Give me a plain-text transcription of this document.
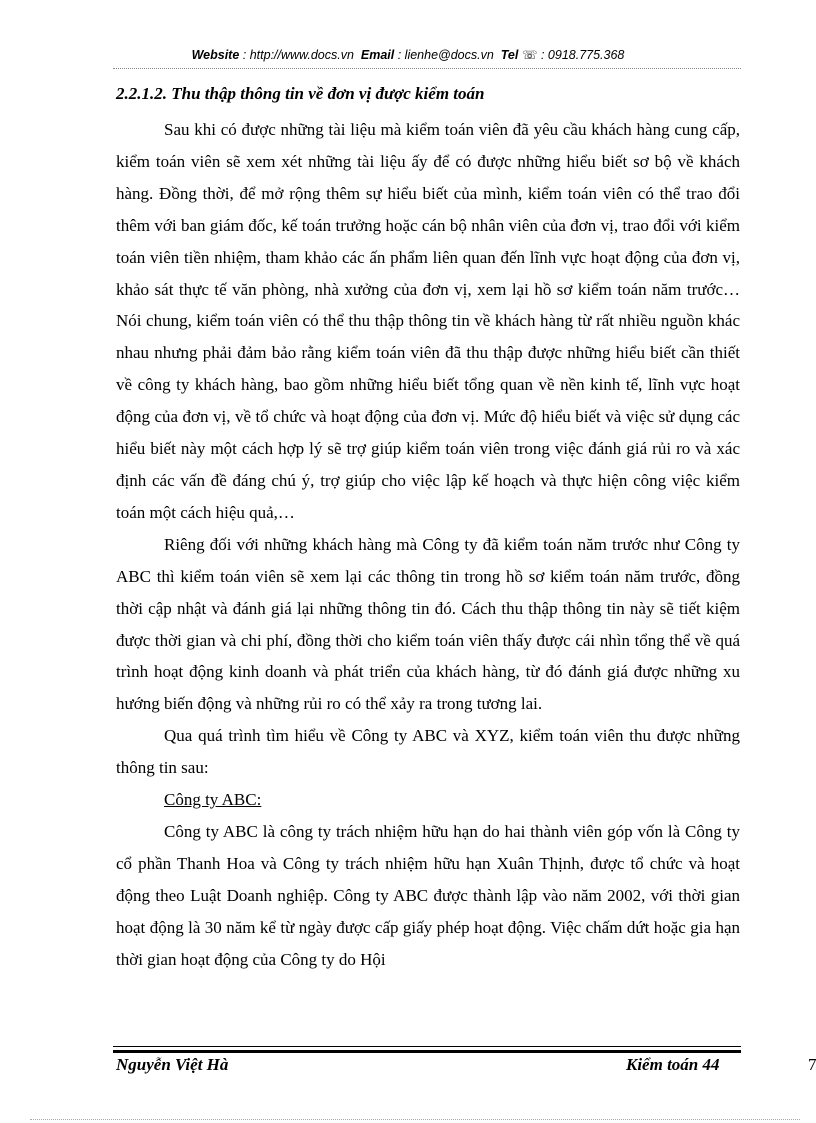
Website : http://www.docs.vn Email : lienhe@docs.vn Tel ☏ : 0918.775.368
2.2.1.2. Thu thập thông tin về đơn vị được kiểm toán

Sau khi có được những tài liệu mà kiểm toán viên đã yêu cầu khách hàng cung cấp, kiểm toán viên sẽ xem xét những tài liệu ấy để có được những hiểu biết sơ bộ về khách hàng. Đồng thời, để mở rộng thêm sự hiểu biết của mình, kiểm toán viên có thể trao đổi thêm với ban giám đốc, kế toán trưởng hoặc cán bộ nhân viên của đơn vị, trao đổi với kiểm toán viên tiền nhiệm, tham khảo các ấn phẩm liên quan đến lĩnh vực hoạt động của đơn vị, khảo sát thực tế văn phòng, nhà xưởng của đơn vị, xem lại hồ sơ kiểm toán năm trước… Nói chung, kiểm toán viên có thể thu thập thông tin về khách hàng từ rất nhiều nguồn khác nhau nhưng phải đảm bảo rằng kiểm toán viên đã thu thập được những hiểu biết cần thiết về công ty khách hàng, bao gồm những hiểu biết tổng quan về nền kinh tế, lĩnh vực hoạt động của đơn vị, về tổ chức và hoạt động của đơn vị. Mức độ hiểu biết và việc sử dụng các hiểu biết này một cách hợp lý sẽ trợ giúp kiểm toán viên trong việc đánh giá rủi ro và xác định các vấn đề đáng chú ý, trợ giúp cho việc lập kế hoạch và thực hiện công việc kiểm toán một cách hiệu quả,…

Riêng đối với những khách hàng mà Công ty đã kiểm toán năm trước như Công ty ABC thì kiểm toán viên sẽ xem lại các thông tin trong hồ sơ kiểm toán năm trước, đồng thời cập nhật và đánh giá lại những thông tin đó. Cách thu thập thông tin này sẽ tiết kiệm được thời gian và chi phí, đồng thời cho kiểm toán viên thấy được cái nhìn tổng thể về quá trình hoạt động kinh doanh và phát triển của khách hàng, từ đó đánh giá được những xu hướng biến động và những rủi ro có thể xảy ra trong tương lai.

Qua quá trình tìm hiểu về Công ty ABC và XYZ, kiểm toán viên thu được những thông tin sau:

Công ty ABC:

Công ty ABC là công ty trách nhiệm hữu hạn do hai thành viên góp vốn là Công ty cổ phần Thanh Hoa và Công ty trách nhiệm hữu hạn Xuân Thịnh, được tổ chức và hoạt động theo Luật Doanh nghiệp. Công ty ABC được thành lập vào năm 2002, với thời gian hoạt động là 30 năm kể từ ngày được cấp giấy phép hoạt động. Việc chấm dứt hoặc gia hạn thời gian hoạt động của Công ty do Hội

Nguyễn Việt Hà	Kiểm toán 44	7
